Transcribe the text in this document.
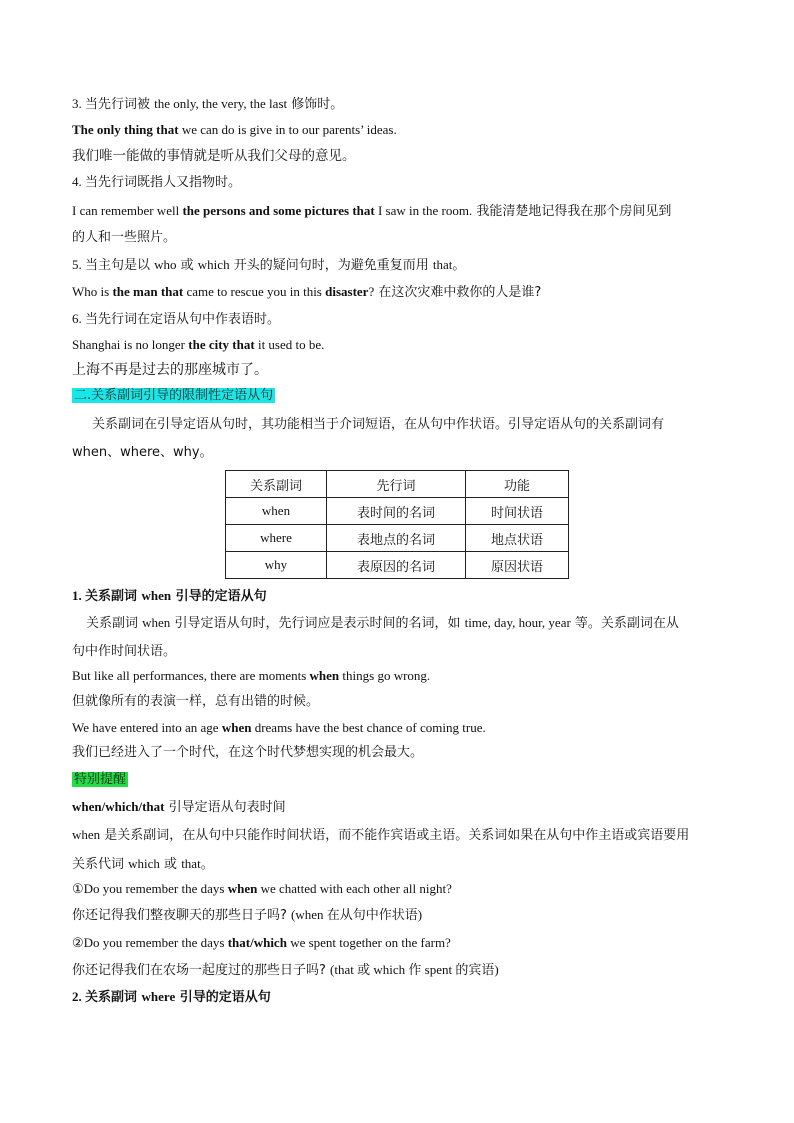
3. 当先行词被 the only, the very, the last 修饰时。
The only thing that we can do is give in to our parents’ ideas.
我们唯一能做的事情就是听从我们父母的意见。
4. 当先行词既指人又指物时。
I can remember well the persons and some pictures that I saw in the room. 我能清楚地记得我在那个房间见到
的人和一些照片。
5. 当主句是以 who 或 which 开头的疑问句时，为避免重复而用 that。
Who is the man that came to rescue you in this disaster? 在这次灾难中救你的人是谁?
6. 当先行词在定语从句中作表语时。
Shanghai is no longer the city that it used to be.
上海不再是过去的那座城市了。
二.关系副词引导的限制性定语从句
关系副词在引导定语从句时，其功能相当于介词短语，在从句中作状语。引导定语从句的关系副词有
when、where、why。
关系副词	先行词	功能
when	表时间的名词	时间状语
where	表地点的名词	地点状语
why	表原因的名词	原因状语
1. 关系副词 when 引导的定语从句
关系副词 when 引导定语从句时，先行词应是表示时间的名词，如 time, day, hour, year 等。关系副词在从
句中作时间状语。
But like all performances, there are moments when things go wrong.
但就像所有的表演一样，总有出错的时候。
We have entered into an age when dreams have the best chance of coming true.
我们已经进入了一个时代，在这个时代梦想实现的机会最大。
特别提醒
when/which/that 引导定语从句表时间
when 是关系副词，在从句中只能作时间状语，而不能作宾语或主语。关系词如果在从句中作主语或宾语要用
关系代词 which 或 that。
①Do you remember the days when we chatted with each other all night?
你还记得我们整夜聊天的那些日子吗? (when 在从句中作状语)
②Do you remember the days that/which we spent together on the farm?
你还记得我们在农场一起度过的那些日子吗? (that 或 which 作 spent 的宾语)
2. 关系副词 where 引导的定语从句
